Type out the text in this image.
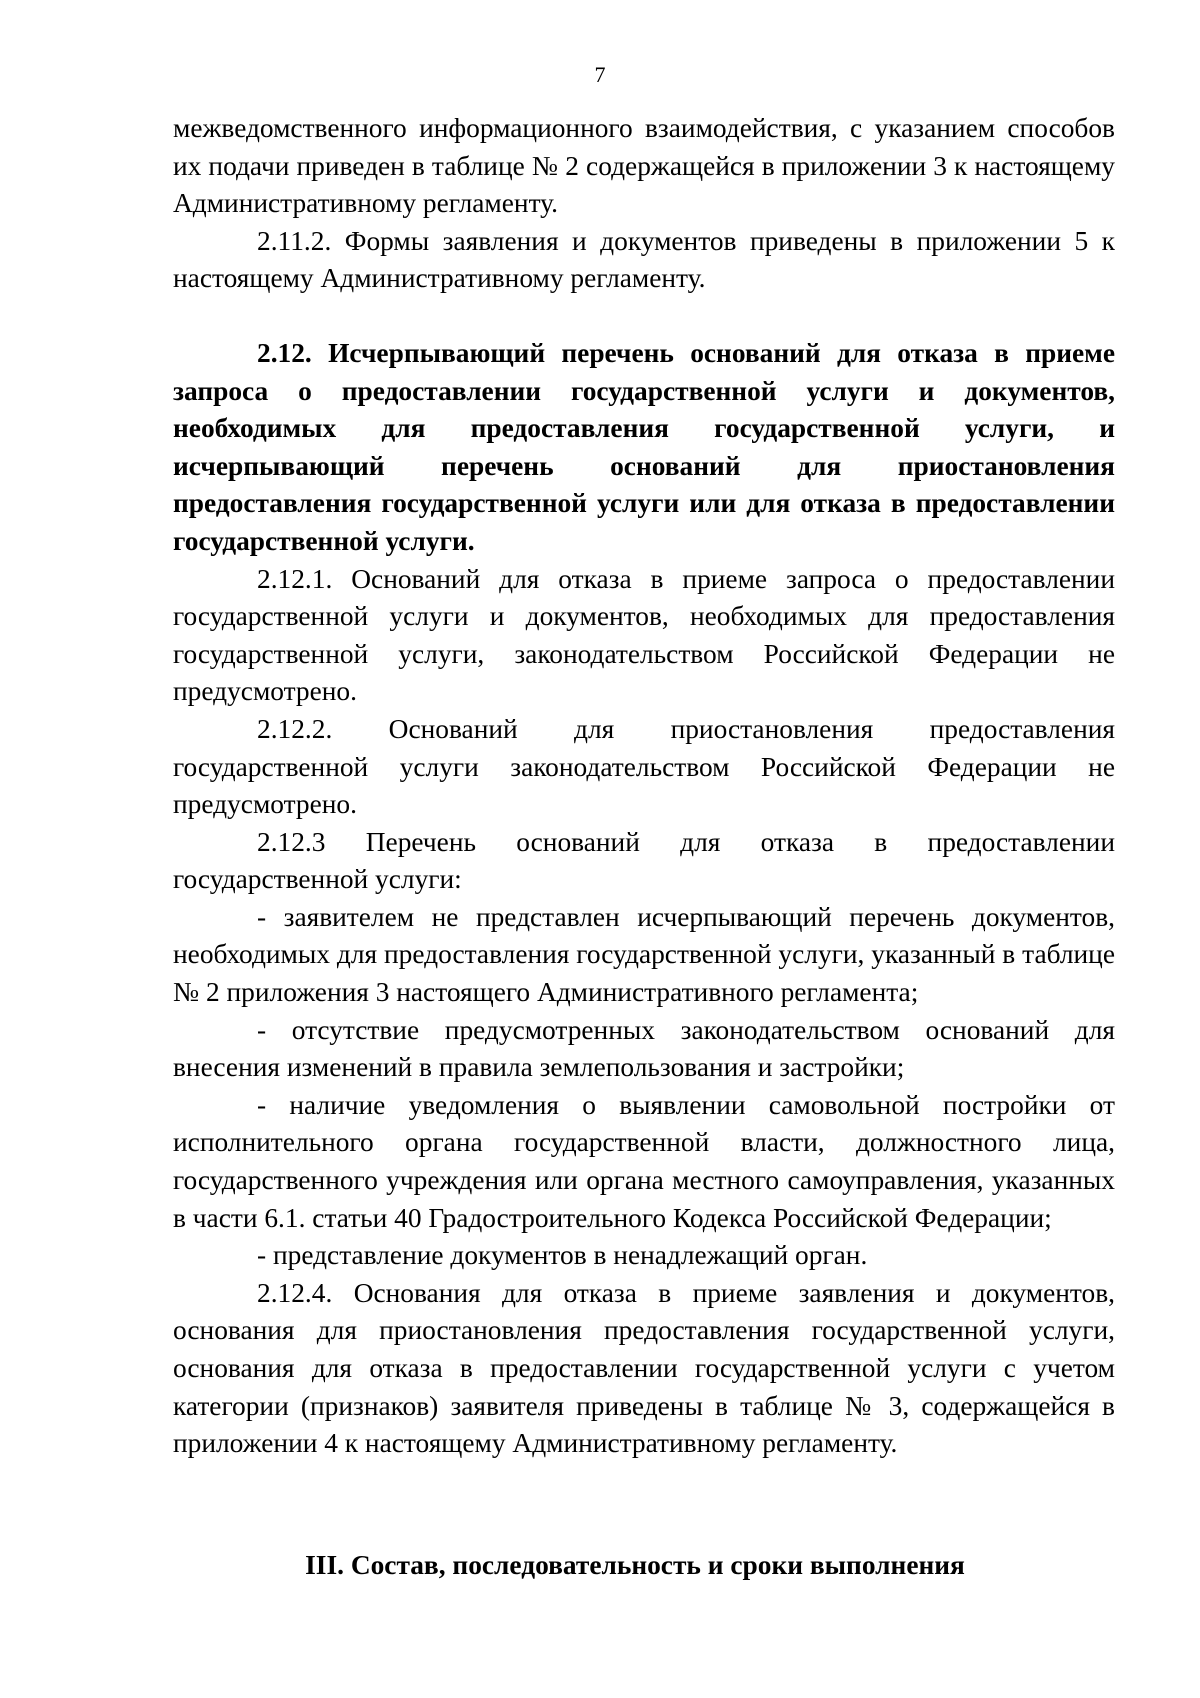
7

межведомственного информационного взаимодействия, с указанием способов их подачи приведен в таблице № 2 содержащейся в приложении 3 к настоящему Административному регламенту.

2.11.2. Формы заявления и документов приведены в приложении 5 к настоящему Административному регламенту.

2.12. Исчерпывающий перечень оснований для отказа в приеме запроса о предоставлении государственной услуги и документов, необходимых для предоставления государственной услуги, и исчерпывающий перечень оснований для приостановления предоставления государственной услуги или для отказа в предоставлении государственной услуги.

2.12.1. Оснований для отказа в приеме запроса о предоставлении государственной услуги и документов, необходимых для предоставления государственной услуги, законодательством Российской Федерации не предусмотрено.

2.12.2. Оснований для приостановления предоставления государственной услуги законодательством Российской Федерации не предусмотрено.

2.12.3 Перечень оснований для отказа в предоставлении государственной услуги:

- заявителем не представлен исчерпывающий перечень документов, необходимых для предоставления государственной услуги, указанный в таблице № 2 приложения 3 настоящего Административного регламента;

- отсутствие предусмотренных законодательством оснований для внесения изменений в правила землепользования и застройки;

- наличие уведомления о выявлении самовольной постройки от исполнительного органа государственной власти, должностного лица, государственного учреждения или органа местного самоуправления, указанных в части 6.1. статьи 40 Градостроительного Кодекса Российской Федерации;

- представление документов в ненадлежащий орган.

2.12.4. Основания для отказа в приеме заявления и документов, основания для приостановления предоставления государственной услуги, основания для отказа в предоставлении государственной услуги с учетом категории (признаков) заявителя приведены в таблице № 3, содержащейся в приложении 4 к настоящему Административному регламенту.

III. Состав, последовательность и сроки выполнения
